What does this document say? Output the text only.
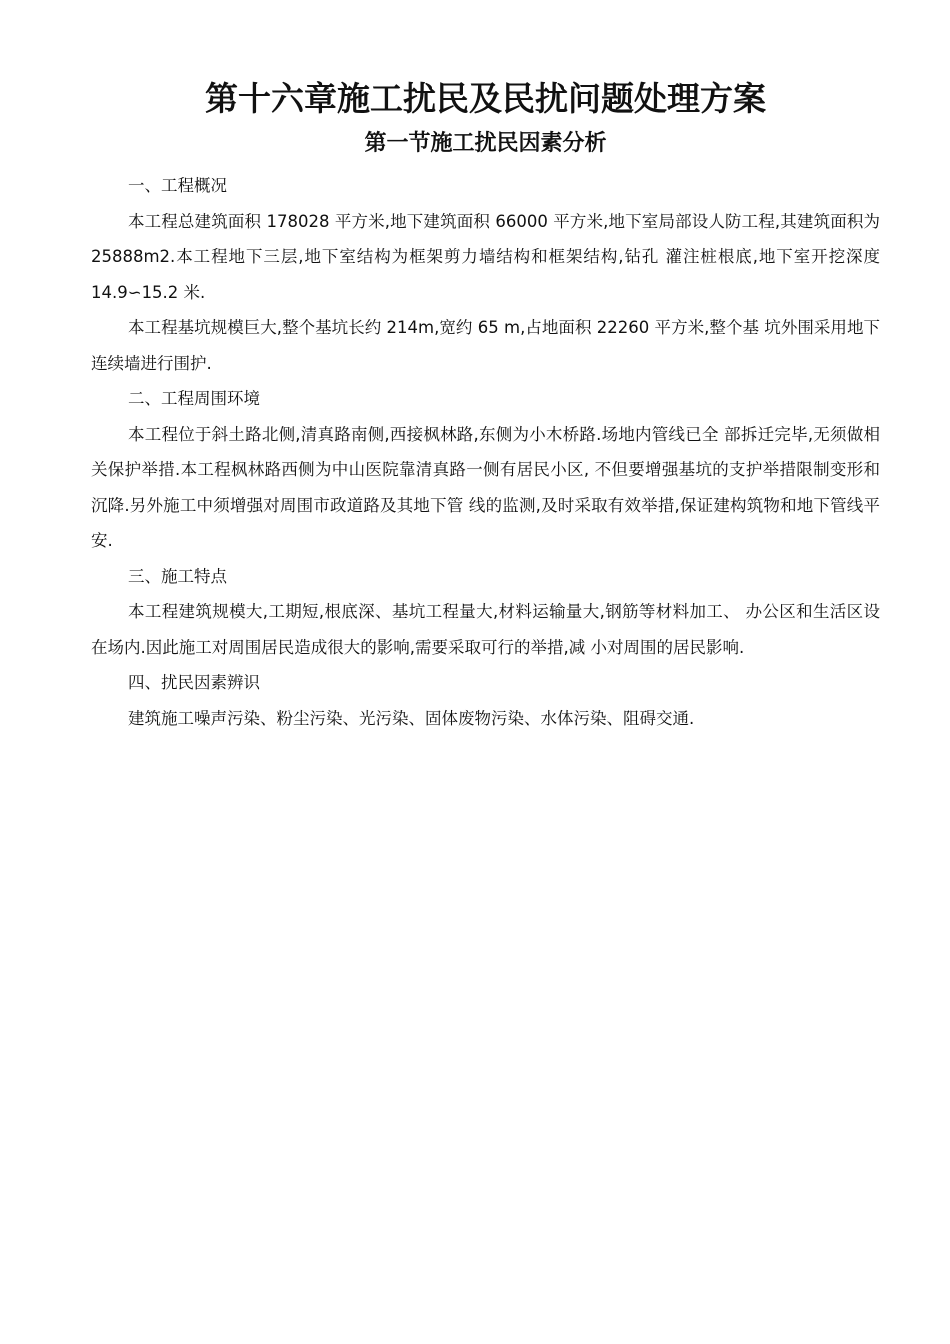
第十六章施工扰民及民扰问题处理方案
第一节施工扰民因素分析

一、工程概况

本工程总建筑面积 178028 平方米,地下建筑面积 66000 平方米,地下室局部设人防工程,其建筑面积为 25888m2.本工程地下三层,地下室结构为框架剪力墙结构和框架结构,钻孔 灌注桩根底,地下室开挖深度 14.9∽15.2 米.

本工程基坑规模巨大,整个基坑长约 214m,宽约 65 m,占地面积 22260 平方米,整个基 坑外围采用地下连续墙进行围护.

二、工程周围环境

本工程位于斜土路北侧,清真路南侧,西接枫林路,东侧为小木桥路.场地内管线已全 部拆迁完毕,无须做相关保护举措.本工程枫林路西侧为中山医院靠清真路一侧有居民小区, 不但要增强基坑的支护举措限制变形和沉降.另外施工中须增强对周围市政道路及其地下管 线的监测,及时采取有效举措,保证建构筑物和地下管线平安.

三、施工特点

本工程建筑规模大,工期短,根底深、基坑工程量大,材料运输量大,钢筋等材料加工、 办公区和生活区设在场内.因此施工对周围居民造成很大的影响,需要采取可行的举措,减 小对周围的居民影响.

四、扰民因素辨识

建筑施工噪声污染、粉尘污染、光污染、固体废物污染、水体污染、阻碍交通.
